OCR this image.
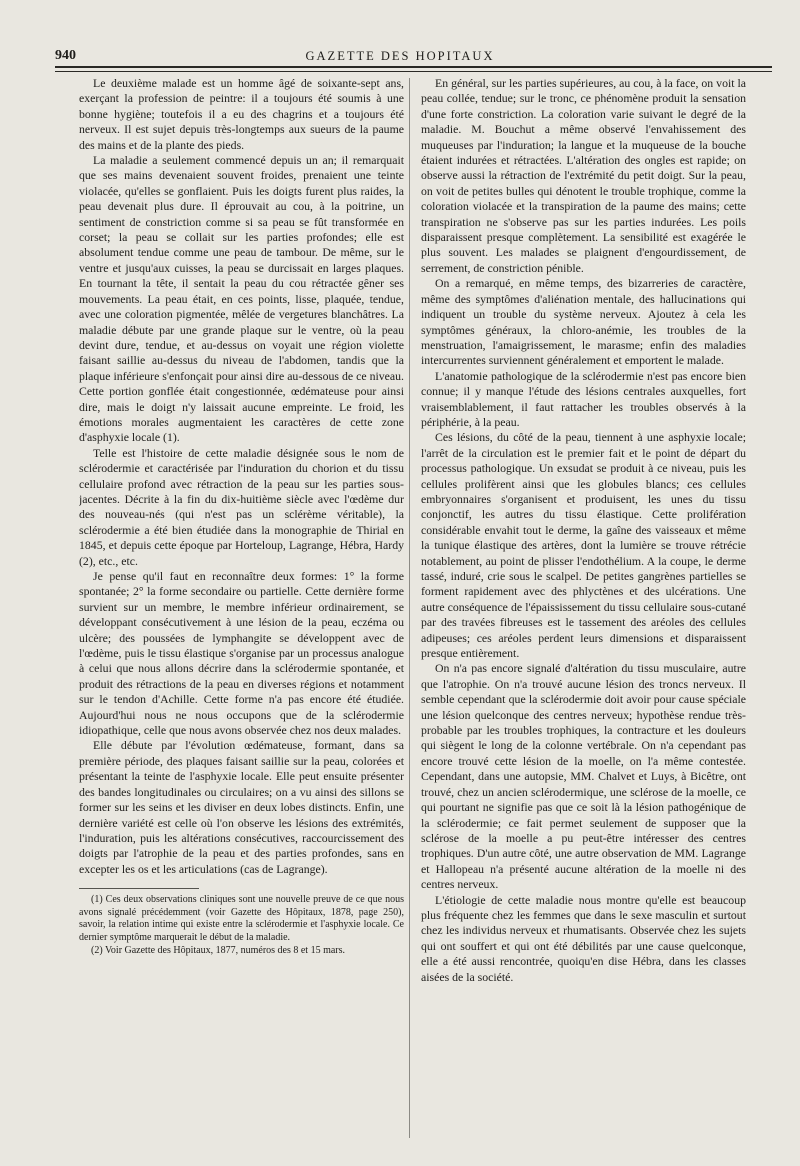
940	GAZETTE DES HOPITAUX

Le deuxième malade est un homme âgé de soixante-sept ans, exerçant la profession de peintre: il a toujours été soumis à une bonne hygiène; toutefois il a eu des chagrins et a toujours été nerveux. Il est sujet depuis très-longtemps aux sueurs de la paume des mains et de la plante des pieds.

La maladie a seulement commencé depuis un an; il remarquait que ses mains devenaient souvent froides, prenaient une teinte violacée, qu'elles se gonflaient. Puis les doigts furent plus raides, la peau devenait plus dure. Il éprouvait au cou, à la poitrine, un sentiment de constriction comme si sa peau se fût transformée en corset; la peau se collait sur les parties profondes; elle est absolument tendue comme une peau de tambour. De même, sur le ventre et jusqu'aux cuisses, la peau se durcissait en larges plaques. En tournant la tête, il sentait la peau du cou rétractée gêner ses mouvements. La peau était, en ces points, lisse, plaquée, tendue, avec une coloration pigmentée, mêlée de vergetures blanchâtres. La maladie débute par une grande plaque sur le ventre, où la peau devint dure, tendue, et au-dessus on voyait une région violette faisant saillie au-dessus du niveau de l'abdomen, tandis que la plaque inférieure s'enfonçait pour ainsi dire au-dessous de ce niveau. Cette portion gonflée était congestionnée, œdémateuse pour ainsi dire, mais le doigt n'y laissait aucune empreinte. Le froid, les émotions morales augmentaient les caractères de cette zone d'asphyxie locale (1).

Telle est l'histoire de cette maladie désignée sous le nom de sclérodermie et caractérisée par l'induration du chorion et du tissu cellulaire profond avec rétraction de la peau sur les parties sous-jacentes. Décrite à la fin du dix-huitième siècle avec l'œdème dur des nouveau-nés (qui n'est pas un sclérème véritable), la sclérodermie a été bien étudiée dans la monographie de Thirial en 1845, et depuis cette époque par Horteloup, Lagrange, Hébra, Hardy (2), etc., etc.

Je pense qu'il faut en reconnaître deux formes: 1° la forme spontanée; 2° la forme secondaire ou partielle. Cette dernière forme survient sur un membre, le membre inférieur ordinairement, se développant consécutivement à une lésion de la peau, eczéma ou ulcère; des poussées de lymphangite se développent avec de l'œdème, puis le tissu élastique s'organise par un processus analogue à celui que nous allons décrire dans la sclérodermie spontanée, et produit des rétractions de la peau en diverses régions et notamment sur le tendon d'Achille. Cette forme n'a pas encore été étudiée. Aujourd'hui nous ne nous occupons que de la sclérodermie idiopathique, celle que nous avons observée chez nos deux malades.

Elle débute par l'évolution œdémateuse, formant, dans sa première période, des plaques faisant saillie sur la peau, colorées et présentant la teinte de l'asphyxie locale. Elle peut ensuite présenter des bandes longitudinales ou circulaires; on a vu ainsi des sillons se former sur les seins et les diviser en deux lobes distincts. Enfin, une dernière variété est celle où l'on observe les lésions des extrémités, l'induration, puis les altérations consécutives, raccourcissement des doigts par l'atrophie de la peau et des parties profondes, sans en excepter les os et les articulations (cas de Lagrange).

(1) Ces deux observations cliniques sont une nouvelle preuve de ce que nous avons signalé précédemment (voir Gazette des Hôpitaux, 1878, page 250), savoir, la relation intime qui existe entre la sclérodermie et l'asphyxie locale. Ce dernier symptôme marquerait le début de la maladie.

(2) Voir Gazette des Hôpitaux, 1877, numéros des 8 et 15 mars.

En général, sur les parties supérieures, au cou, à la face, on voit la peau collée, tendue; sur le tronc, ce phénomène produit la sensation d'une forte constriction. La coloration varie suivant le degré de la maladie. M. Bouchut a même observé l'envahissement des muqueuses par l'induration; la langue et la muqueuse de la bouche étaient indurées et rétractées. L'altération des ongles est rapide; on observe aussi la rétraction de l'extrémité du petit doigt. Sur la peau, on voit de petites bulles qui dénotent le trouble trophique, comme la coloration violacée et la transpiration de la paume des mains; cette transpiration ne s'observe pas sur les parties indurées. Les poils disparaissent presque complètement. La sensibilité est exagérée le plus souvent. Les malades se plaignent d'engourdissement, de serrement, de constriction pénible.

On a remarqué, en même temps, des bizarreries de caractère, même des symptômes d'aliénation mentale, des hallucinations qui indiquent un trouble du système nerveux. Ajoutez à cela les symptômes généraux, la chloro-anémie, les troubles de la menstruation, l'amaigrissement, le marasme; enfin des maladies intercurrentes surviennent généralement et emportent le malade.

L'anatomie pathologique de la sclérodermie n'est pas encore bien connue; il y manque l'étude des lésions centrales auxquelles, fort vraisemblablement, il faut rattacher les troubles observés à la périphérie, à la peau.

Ces lésions, du côté de la peau, tiennent à une asphyxie locale; l'arrêt de la circulation est le premier fait et le point de départ du processus pathologique. Un exsudat se produit à ce niveau, puis les cellules prolifèrent ainsi que les globules blancs; ces cellules embryonnaires s'organisent et produisent, les unes du tissu conjonctif, les autres du tissu élastique. Cette prolifération considérable envahit tout le derme, la gaîne des vaisseaux et même la tunique élastique des artères, dont la lumière se trouve rétrécie notablement, au point de plisser l'endothélium. A la coupe, le derme tassé, induré, crie sous le scalpel. De petites gangrènes partielles se forment rapidement avec des phlyctènes et des ulcérations. Une autre conséquence de l'épaississement du tissu cellulaire sous-cutané par des travées fibreuses est le tassement des aréoles des cellules adipeuses; ces aréoles perdent leurs dimensions et disparaissent presque entièrement.

On n'a pas encore signalé d'altération du tissu musculaire, autre que l'atrophie. On n'a trouvé aucune lésion des troncs nerveux. Il semble cependant que la sclérodermie doit avoir pour cause spéciale une lésion quelconque des centres nerveux; hypothèse rendue très-probable par les troubles trophiques, la contracture et les douleurs qui siègent le long de la colonne vertébrale. On n'a cependant pas encore trouvé cette lésion de la moelle, on l'a même contestée. Cependant, dans une autopsie, MM. Chalvet et Luys, à Bicêtre, ont trouvé, chez un ancien sclérodermique, une sclérose de la moelle, ce qui pourtant ne signifie pas que ce soit là la lésion pathogénique de la sclérodermie; ce fait permet seulement de supposer que la sclérose de la moelle a pu peut-être intéresser des centres trophiques. D'un autre côté, une autre observation de MM. Lagrange et Hallopeau n'a présenté aucune altération de la moelle ni des centres nerveux.

L'étiologie de cette maladie nous montre qu'elle est beaucoup plus fréquente chez les femmes que dans le sexe masculin et surtout chez les individus nerveux et rhumatisants. Observée chez les sujets qui ont souffert et qui ont été débilités par une cause quelconque, elle a été aussi rencontrée, quoiqu'en dise Hébra, dans les classes aisées de la société.
